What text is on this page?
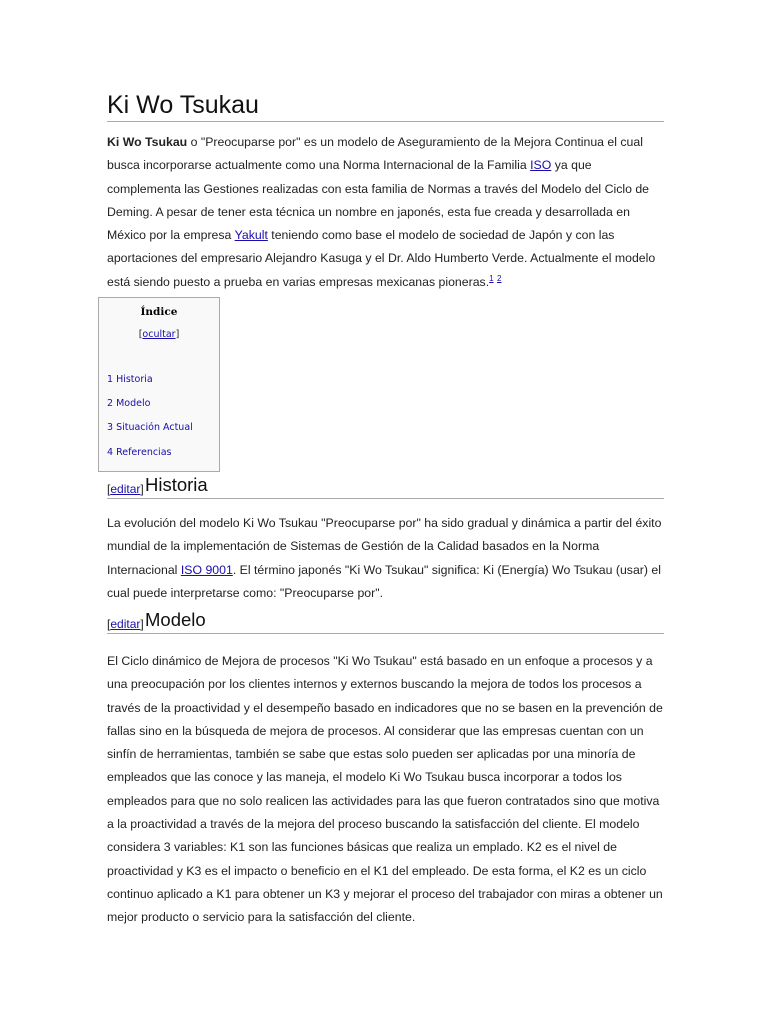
Ki Wo Tsukau

Ki Wo Tsukau o "Preocuparse por" es un modelo de Aseguramiento de la Mejora Continua el cual busca incorporarse actualmente como una Norma Internacional de la Familia ISO ya que complementa las Gestiones realizadas con esta familia de Normas a través del Modelo del Ciclo de Deming. A pesar de tener esta técnica un nombre en japonés, esta fue creada y desarrollada en México por la empresa Yakult teniendo como base el modelo de sociedad de Japón y con las aportaciones del empresario Alejandro Kasuga y el Dr. Aldo Humberto Verde. Actualmente el modelo está siendo puesto a prueba en varias empresas mexicanas pioneras.$^1$ $^2$

Índice
[ocultar]
1 Historia
2 Modelo
3 Situación Actual
4 Referencias
[editar] Historia

La evolución del modelo Ki Wo Tsukau "Preocuparse por" ha sido gradual y dinámica a partir del éxito mundial de la implementación de Sistemas de Gestión de la Calidad basados en la Norma Internacional ISO 9001. El término japonés "Ki Wo Tsukau" significa: Ki (Energía) Wo Tsukau (usar) el cual puede interpretarse como: "Preocuparse por".

[editar] Modelo

El Ciclo dinámico de Mejora de procesos "Ki Wo Tsukau" está basado en un enfoque a procesos y a una preocupación por los clientes internos y externos buscando la mejora de todos los procesos a través de la proactividad y el desempeño basado en indicadores que no se basen en la prevención de fallas sino en la búsqueda de mejora de procesos. Al considerar que las empresas cuentan con un sinfín de herramientas, también se sabe que estas solo pueden ser aplicadas por una minoría de empleados que las conoce y las maneja, el modelo Ki Wo Tsukau busca incorporar a todos los empleados para que no solo realicen las actividades para las que fueron contratados sino que motiva a la proactividad a través de la mejora del proceso buscando la satisfacción del cliente. El modelo considera 3 variables: K1 son las funciones básicas que realiza un emplado. K2 es el nivel de proactividad y K3 es el impacto o beneficio en el K1 del empleado. De esta forma, el K2 es un ciclo continuo aplicado a K1 para obtener un K3 y mejorar el proceso del trabajador con miras a obtener un mejor producto o servicio para la satisfacción del cliente.
